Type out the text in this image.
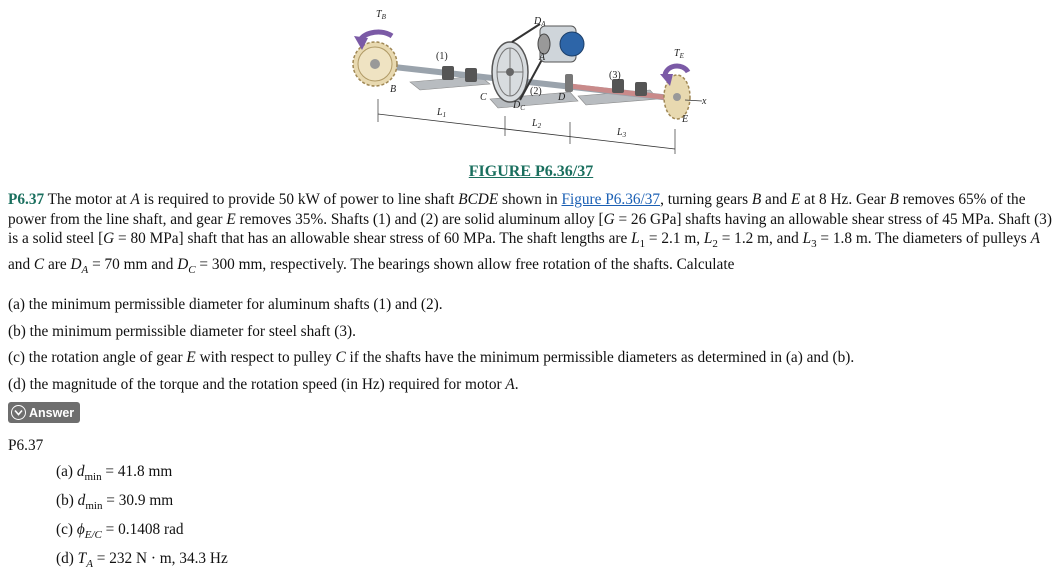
$T_B$	$D_A$
$T_E$
B
C	D
E
A
x
(1)
(2)
(3)
$D_C$
$L_1$
$L_2$
$L_3$
FIGURE P6.36/37
P6.37 The motor at A is required to provide 50 kW of power to line shaft BCDE shown in Figure P6.36/37, turning gears B and E at 8 Hz. Gear B removes 65% of the power from the line shaft, and gear E removes 35%. Shafts (1) and (2) are solid aluminum alloy [G = 26 GPa] shafts having an allowable shear stress of 45 MPa. Shaft (3) is a solid steel [G = 80 MPa] shaft that has an allowable shear stress of 60 MPa. The shaft lengths are $L_1 = 2.1$ m, $L_2 = 1.2$ m, and $L_3 = 1.8$ m. The diameters of pulleys A and C are $D_A = 70$ mm and $D_C = 300$ mm, respectively. The bearings shown allow free rotation of the shafts. Calculate
(a) the minimum permissible diameter for aluminum shafts (1) and (2).
(b) the minimum permissible diameter for steel shaft (3).
(c) the rotation angle of gear E with respect to pulley C if the shafts have the minimum permissible diameters as determined in (a) and (b).
(d) the magnitude of the torque and the rotation speed (in Hz) required for motor A.
Answer
P6.37
(a) $d_{min} = 41.8$ mm
(b) $d_{min} = 30.9$ mm
(c) $\phi_{E/C} = 0.1408$ rad
(d) $T_A = 232$ N · m, 34.3 Hz
